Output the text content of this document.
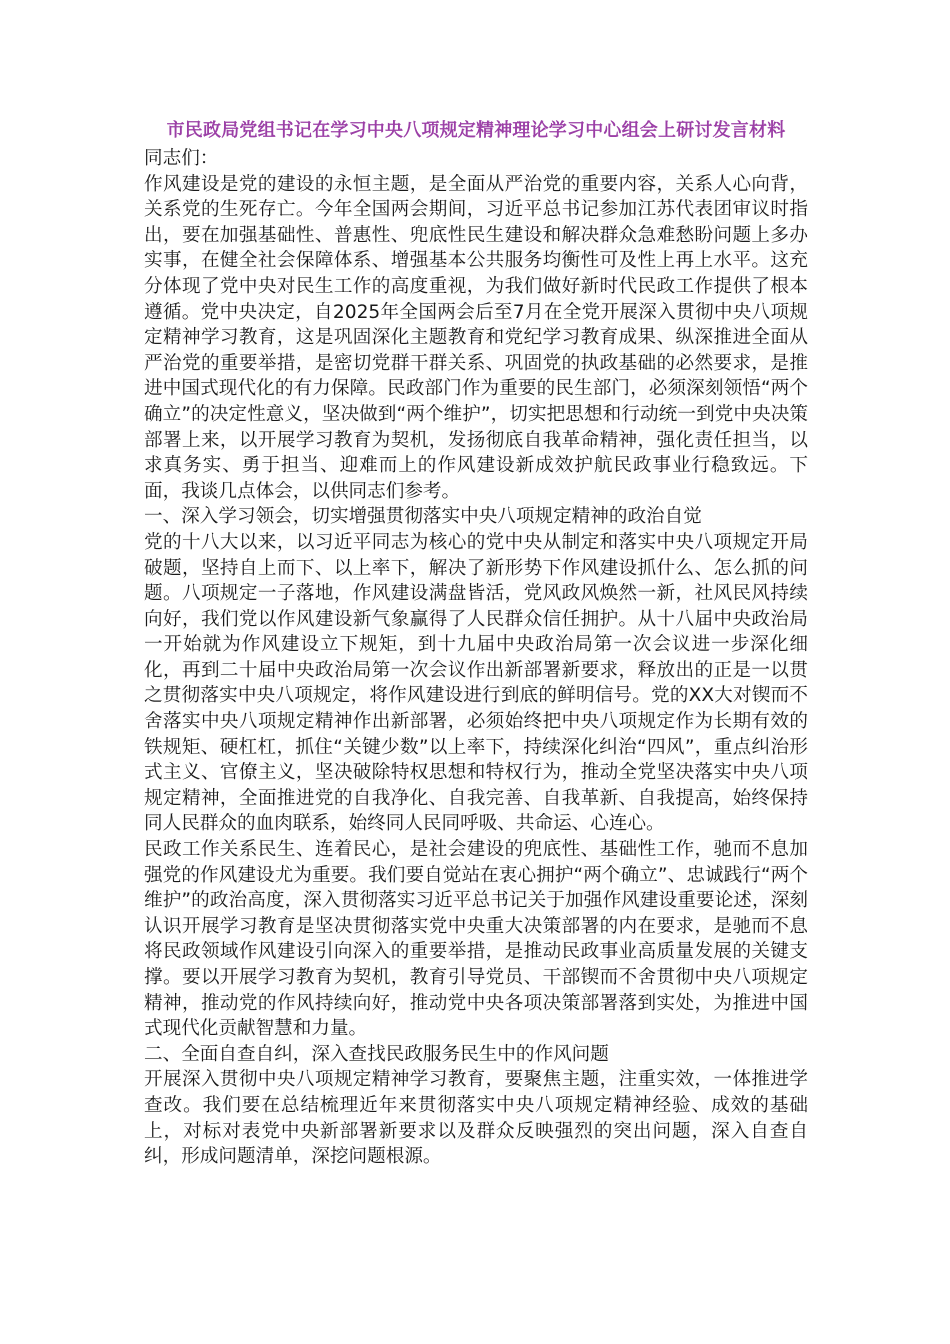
市民政局党组书记在学习中央八项规定精神理论学习中心组会上研讨发言材料

同志们：

作风建设是党的建设的永恒主题，是全面从严治党的重要内容，关系人心向背，关系党的生死存亡。今年全国两会期间，习近平总书记参加江苏代表团审议时指出，要在加强基础性、普惠性、兜底性民生建设和解决群众急难愁盼问题上多办实事，在健全社会保障体系、增强基本公共服务均衡性可及性上再上水平。这充分体现了党中央对民生工作的高度重视，为我们做好新时代民政工作提供了根本遵循。党中央决定，自2025年全国两会后至7月在全党开展深入贯彻中央八项规定精神学习教育，这是巩固深化主题教育和党纪学习教育成果、纵深推进全面从严治党的重要举措，是密切党群干群关系、巩固党的执政基础的必然要求，是推进中国式现代化的有力保障。民政部门作为重要的民生部门，必须深刻领悟“两个确立”的决定性意义，坚决做到“两个维护”，切实把思想和行动统一到党中央决策部署上来，以开展学习教育为契机，发扬彻底自我革命精神，强化责任担当，以求真务实、勇于担当、迎难而上的作风建设新成效护航民政事业行稳致远。下面，我谈几点体会，以供同志们参考。

一、深入学习领会，切实增强贯彻落实中央八项规定精神的政治自觉

党的十八大以来，以习近平同志为核心的党中央从制定和落实中央八项规定开局破题，坚持自上而下、以上率下，解决了新形势下作风建设抓什么、怎么抓的问题。八项规定一子落地，作风建设满盘皆活，党风政风焕然一新，社风民风持续向好，我们党以作风建设新气象赢得了人民群众信任拥护。从十八届中央政治局一开始就为作风建设立下规矩，到十九届中央政治局第一次会议进一步深化细化，再到二十届中央政治局第一次会议作出新部署新要求，释放出的正是一以贯之贯彻落实中央八项规定，将作风建设进行到底的鲜明信号。党的XX大对锲而不舍落实中央八项规定精神作出新部署，必须始终把中央八项规定作为长期有效的铁规矩、硬杠杠，抓住“关键少数”以上率下，持续深化纠治“四风”，重点纠治形式主义、官僚主义，坚决破除特权思想和特权行为，推动全党坚决落实中央八项规定精神，全面推进党的自我净化、自我完善、自我革新、自我提高，始终保持同人民群众的血肉联系，始终同人民同呼吸、共命运、心连心。

民政工作关系民生、连着民心，是社会建设的兜底性、基础性工作，驰而不息加强党的作风建设尤为重要。我们要自觉站在衷心拥护“两个确立”、忠诚践行“两个维护”的政治高度，深入贯彻落实习近平总书记关于加强作风建设重要论述，深刻认识开展学习教育是坚决贯彻落实党中央重大决策部署的内在要求，是驰而不息将民政领域作风建设引向深入的重要举措，是推动民政事业高质量发展的关键支撑。要以开展学习教育为契机，教育引导党员、干部锲而不舍贯彻中央八项规定精神，推动党的作风持续向好，推动党中央各项决策部署落到实处，为推进中国式现代化贡献智慧和力量。

二、全面自查自纠，深入查找民政服务民生中的作风问题

开展深入贯彻中央八项规定精神学习教育，要聚焦主题，注重实效，一体推进学查改。我们要在总结梳理近年来贯彻落实中央八项规定精神经验、成效的基础上，对标对表党中央新部署新要求以及群众反映强烈的突出问题，深入自查自纠，形成问题清单，深挖问题根源。
